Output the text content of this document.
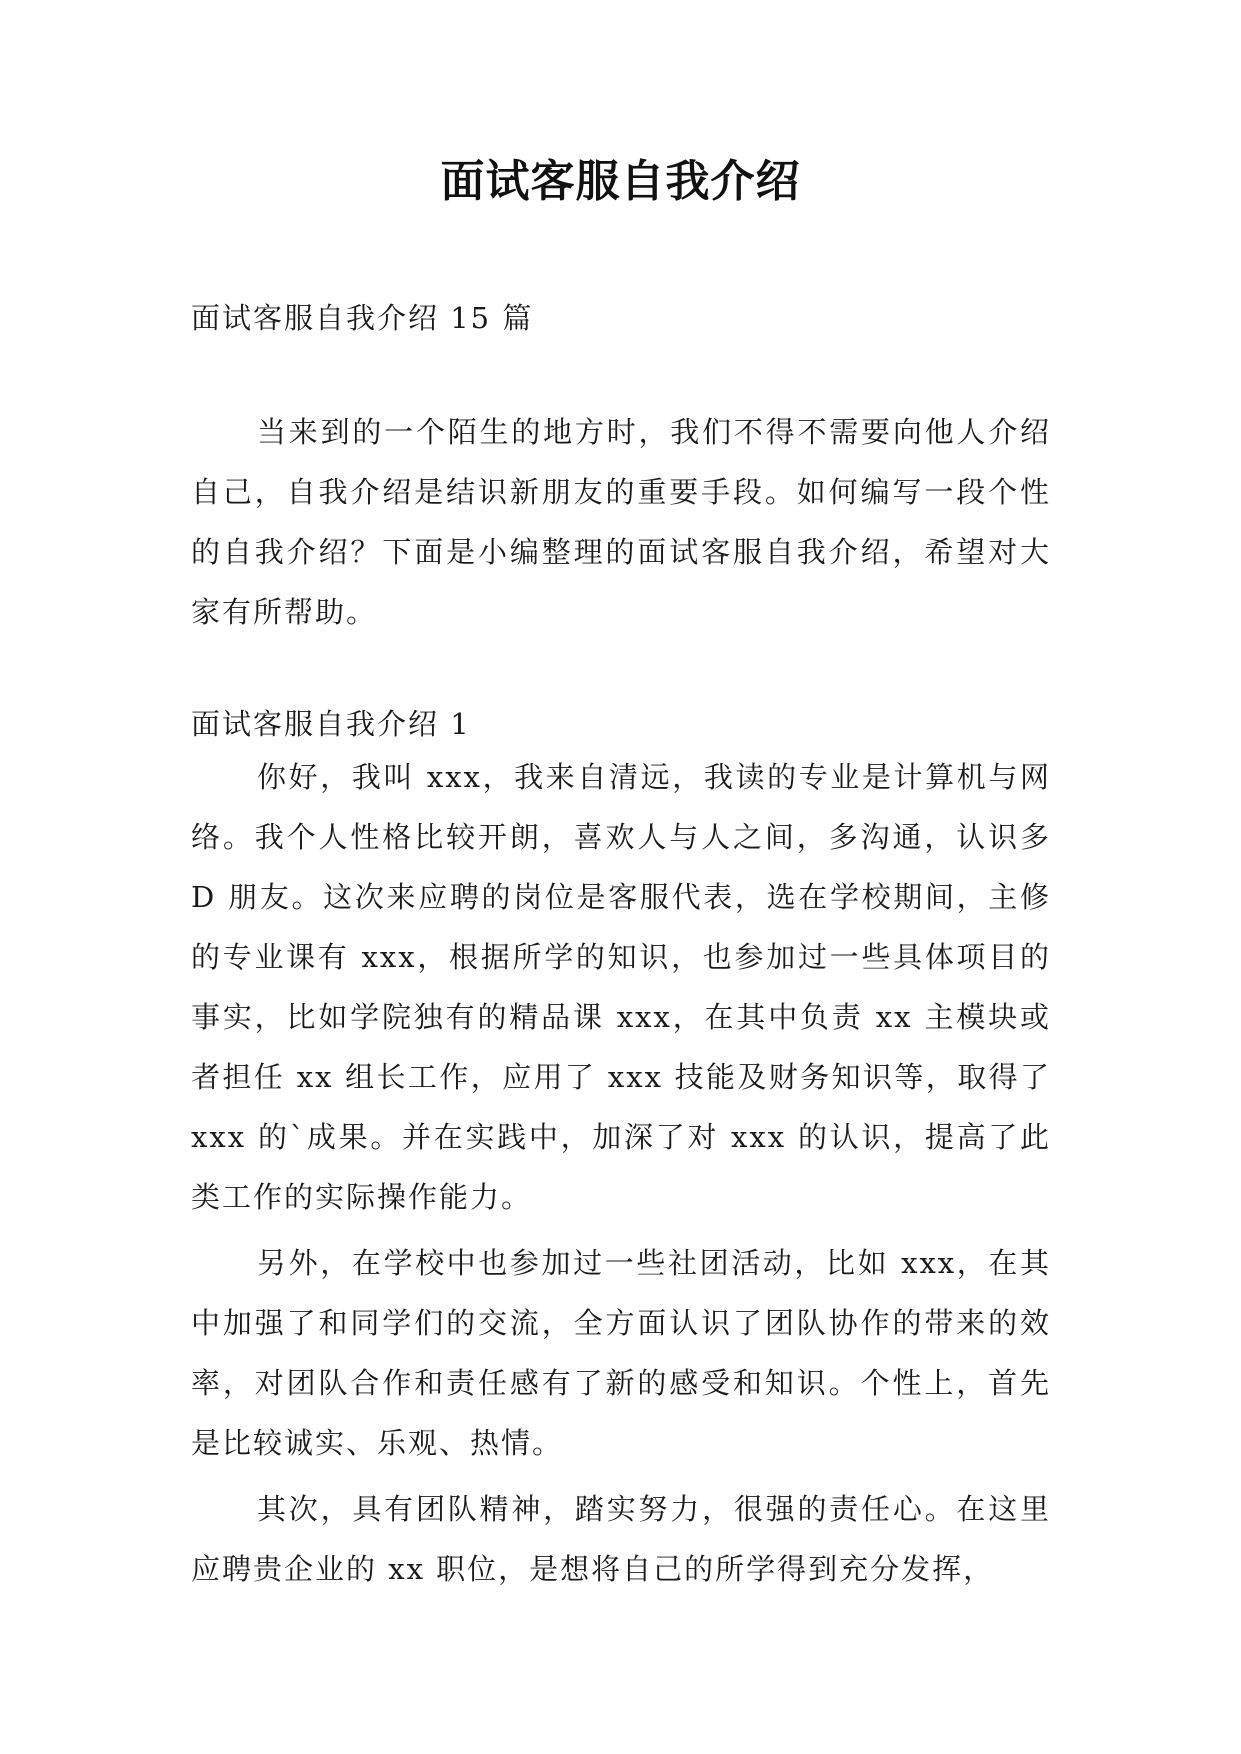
面试客服自我介绍
面试客服自我介绍 15 篇
当来到的一个陌生的地方时，我们不得不需要向他人介绍自己，自我介绍是结识新朋友的重要手段。如何编写一段个性的自我介绍？下面是小编整理的面试客服自我介绍，希望对大家有所帮助。
面试客服自我介绍 1

你好，我叫 xxx，我来自清远，我读的专业是计算机与网络。我个人性格比较开朗，喜欢人与人之间，多沟通，认识多 D 朋友。这次来应聘的岗位是客服代表，选在学校期间，主修的专业课有 xxx，根据所学的知识，也参加过一些具体项目的事实，比如学院独有的精品课 xxx，在其中负责 xx 主模块或者担任 xx 组长工作，应用了 xxx 技能及财务知识等，取得了 xxx 的`成果。并在实践中，加深了对 xxx 的认识，提高了此类工作的实际操作能力。

另外，在学校中也参加过一些社团活动，比如 xxx，在其中加强了和同学们的交流，全方面认识了团队协作的带来的效率，对团队合作和责任感有了新的感受和知识。个性上，首先是比较诚实、乐观、热情。

其次，具有团队精神，踏实努力，很强的责任心。在这里应聘贵企业的 xx 职位，是想将自己的所学得到充分发挥，
